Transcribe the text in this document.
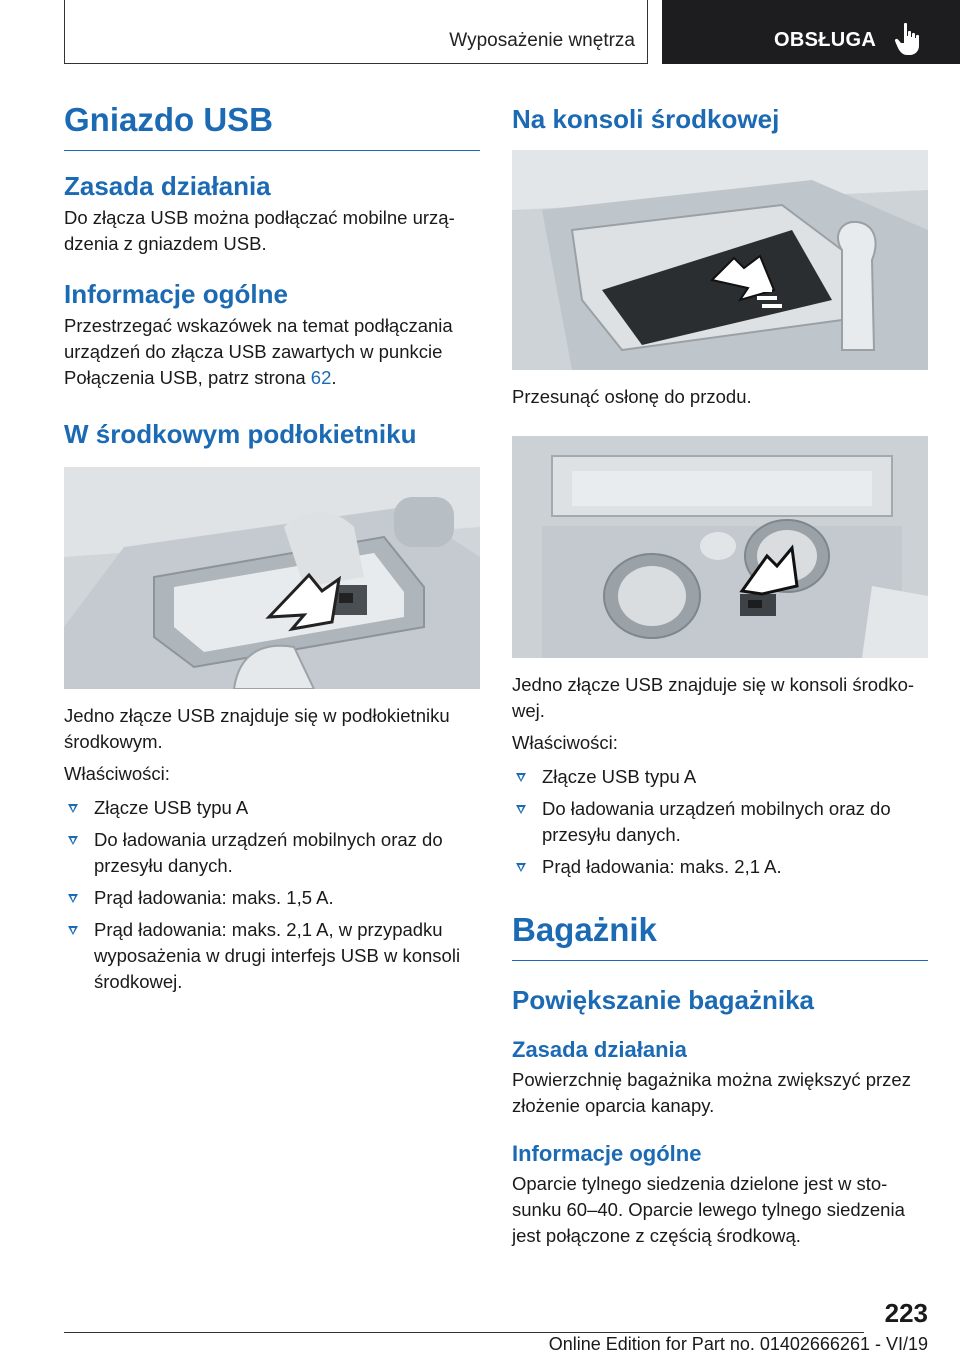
Wyposażenie wnętrza	OBSŁUGA
Gniazdo USB
Zasada działania

Do złącza USB można podłączać mobilne urzą-dzenia z gniazdem USB.

Informacje ogólne

Przestrzegać wskazówek na temat podłączania urządzeń do złącza USB zawartych w punkcie Połączenia USB, patrz strona 62.

W środkowym podłokietniku

Jedno złącze USB znajduje się w podłokietniku środkowym.

Właściwości:

Złącze USB typu A
Do ładowania urządzeń mobilnych oraz do przesyłu danych.
Prąd ładowania: maks. 1,5 A.
Prąd ładowania: maks. 2,1 A, w przypadku wyposażenia w drugi interfejs USB w konsoli środkowej.
Na konsoli środkowej

Przesunąć osłonę do przodu.

Jedno złącze USB znajduje się w konsoli środko-wej.

Właściwości:

Złącze USB typu A
Do ładowania urządzeń mobilnych oraz do przesyłu danych.
Prąd ładowania: maks. 2,1 A.
Bagażnik
Powiększanie bagażnika
Zasada działania

Powierzchnię bagażnika można zwiększyć przez złożenie oparcia kanapy.

Informacje ogólne

Oparcie tylnego siedzenia dzielone jest w sto-sunku 60–40. Oparcie lewego tylnego siedzenia jest połączone z częścią środkową.

223
Online Edition for Part no. 01402666261 - VI/19
